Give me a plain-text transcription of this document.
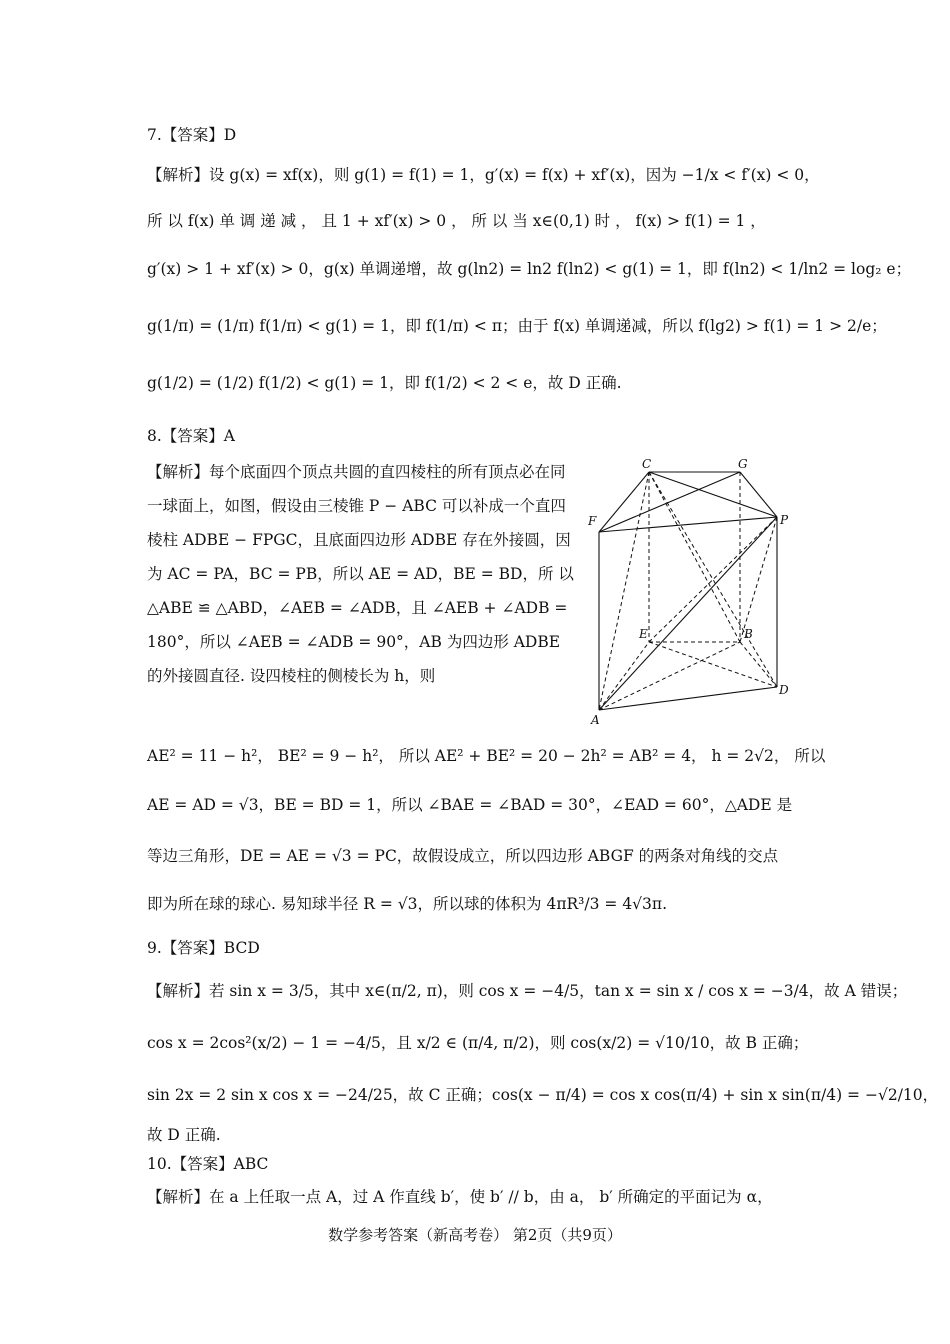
7.【答案】D
【解析】设 g(x) = xf(x)，则 g(1) = f(1) = 1，g′(x) = f(x) + xf′(x)，因为 −1/x < f′(x) < 0，
所 以 f(x) 单 调 递 减 ， 且 1 + xf′(x) > 0 ， 所 以 当 x∈(0,1) 时 ， f(x) > f(1) = 1 ，
g′(x) > 1 + xf′(x) > 0，g(x) 单调递增，故 g(ln2) = ln2 f(ln2) < g(1) = 1，即 f(ln2) < 1/ln2 = log₂ e；
g(1/π) = (1/π) f(1/π) < g(1) = 1，即 f(1/π) < π；由于 f(x) 单调递减，所以 f(lg2) > f(1) = 1 > 2/e；
g(1/2) = (1/2) f(1/2) < g(1) = 1，即 f(1/2) < 2 < e，故 D 正确.
8.【答案】A
【解析】每个底面四个顶点共圆的直四棱柱的所有顶点必在同一球面上，如图，假设由三棱锥 P − ABC 可以补成一个直四棱柱 ADBE − FPGC，且底面四边形 ADBE 存在外接圆，因为 AC = PA，BC = PB，所以 AE = AD，BE = BD，所 以 △ABE ≌ △ABD，∠AEB = ∠ADB，且 ∠AEB + ∠ADB = 180°，所以 ∠AEB = ∠ADB = 90°，AB 为四边形 ADBE 的外接圆直径. 设四棱柱的侧棱长为 h，则
C	G
F	P
E	B
D
A
AE² = 11 − h²， BE² = 9 − h²， 所以 AE² + BE² = 20 − 2h² = AB² = 4， h = 2√2， 所以
AE = AD = √3，BE = BD = 1，所以 ∠BAE = ∠BAD = 30°，∠EAD = 60°，△ADE 是
等边三角形，DE = AE = √3 = PC，故假设成立，所以四边形 ABGF 的两条对角线的交点
即为所在球的球心. 易知球半径 R = √3，所以球的体积为 4πR³/3 = 4√3π.
9.【答案】BCD
【解析】若 sin x = 3/5，其中 x∈(π/2, π)，则 cos x = −4/5，tan x = sin x / cos x = −3/4，故 A 错误；
cos x = 2cos²(x/2) − 1 = −4/5，且 x/2 ∈ (π/4, π/2)，则 cos(x/2) = √10/10，故 B 正确；
sin 2x = 2 sin x cos x = −24/25，故 C 正确；cos(x − π/4) = cos x cos(π/4) + sin x sin(π/4) = −√2/10，
故 D 正确.
10.【答案】ABC
【解析】在 a 上任取一点 A，过 A 作直线 b′，使 b′ // b，由 a， b′ 所确定的平面记为 α，
数学参考答案（新高考卷） 第2页（共9页）
